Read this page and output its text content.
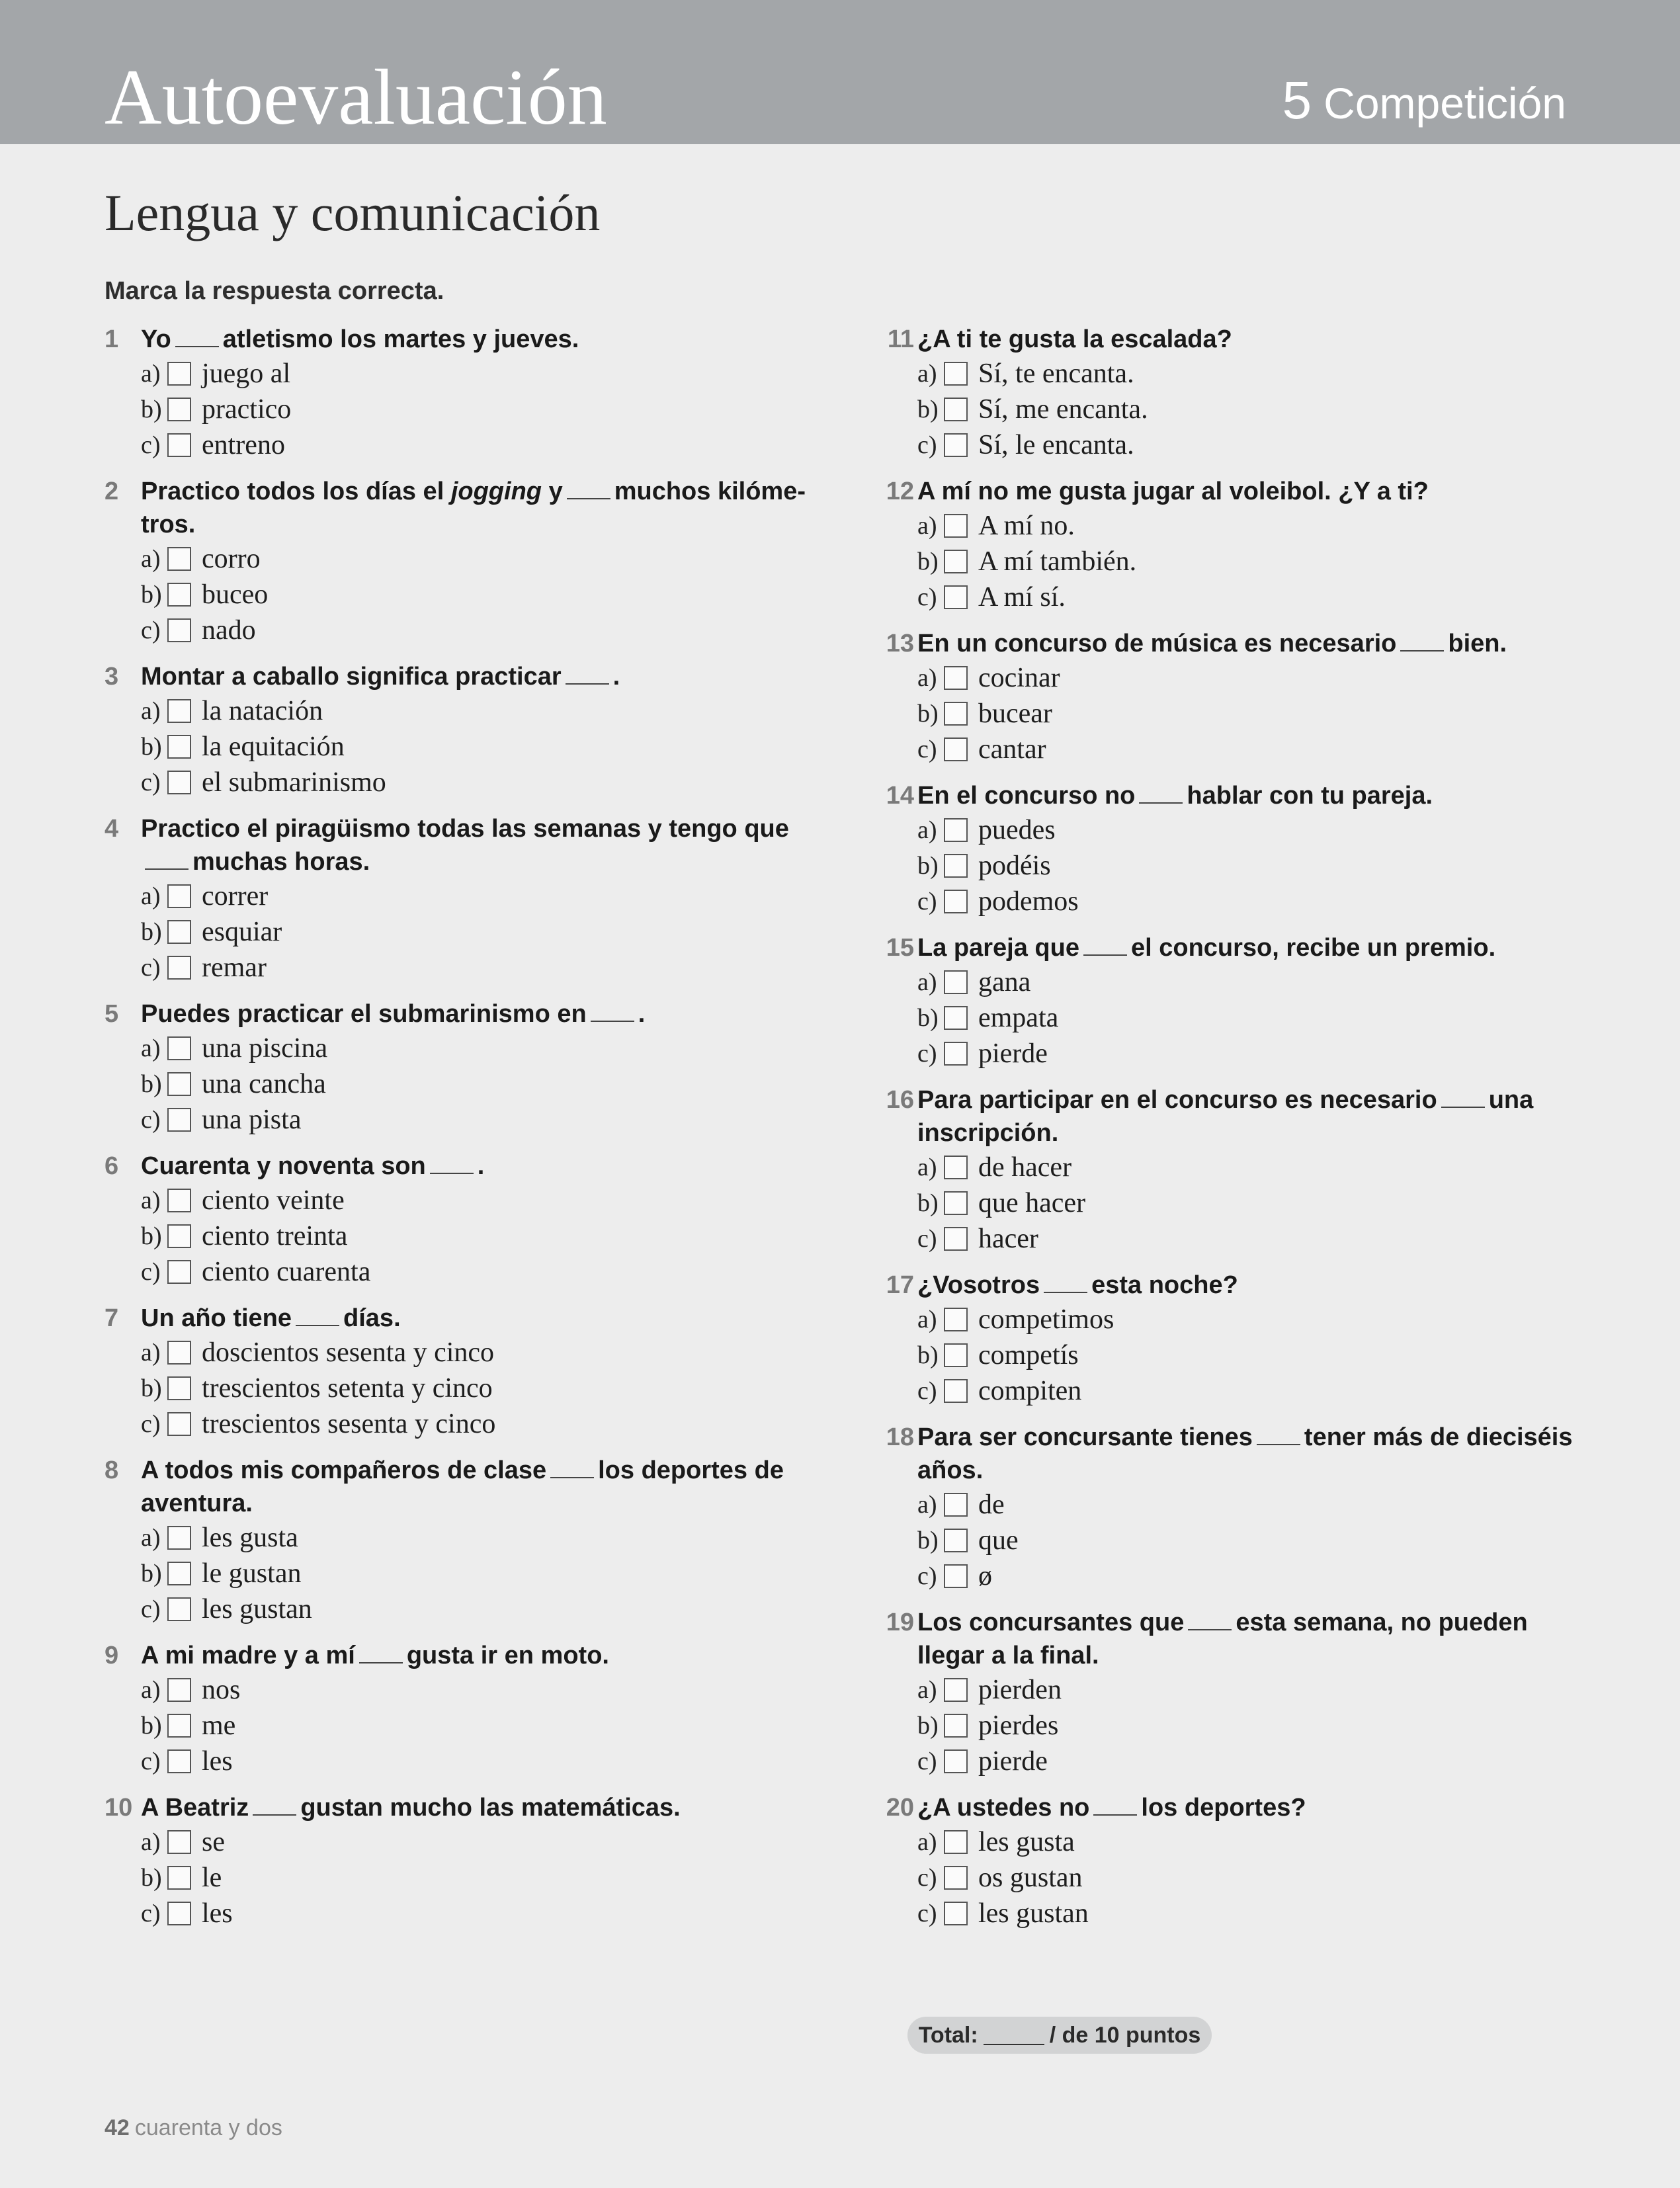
Autoevaluación	5 Competición
Lengua y comunicación
Marca la respuesta correcta.
1 Yo atletismo los martes y jueves.
a) juego al
b) practico
c) entreno
2 Practico todos los días el jogging y muchos kilóme-tros.
a) corro
b) buceo
c) nado
3 Montar a caballo significa practicar .
a) la natación
b) la equitación
c) el submarinismo
4 Practico el piragüismo todas las semanas y tengo quemuchas horas.
a) correr
b) esquiar
c) remar
5 Puedes practicar el submarinismo en .
a) una piscina
b) una cancha
c) una pista
6 Cuarenta y noventa son .
a) ciento veinte
b) ciento treinta
c) ciento cuarenta
7 Un año tiene días.
a) doscientos sesenta y cinco
b) trescientos setenta y cinco
c) trescientos sesenta y cinco
8 A todos mis compañeros de clase los deportes de aventura.
a) les gusta
b) le gustan
c) les gustan
9 A mi madre y a mí gusta ir en moto.
a) nos
b) me
c) les
10 A Beatriz gustan mucho las matemáticas.
a) se
b) le
c) les
11 ¿A ti te gusta la escalada?
a) Sí, te encanta.
b) Sí, me encanta.
c) Sí, le encanta.
12 A mí no me gusta jugar al voleibol. ¿Y a ti?
a) A mí no.
b) A mí también.
c) A mí sí.
13 En un concurso de música es necesario bien.
a) cocinar
b) bucear
c) cantar
14 En el concurso no hablar con tu pareja.
a) puedes
b) podéis
c) podemos
15 La pareja que el concurso, recibe un premio.
a) gana
b) empata
c) pierde
16 Para participar en el concurso es necesario una inscripción.
a) de hacer
b) que hacer
c) hacer
17 ¿Vosotros esta noche?
a) competimos
b) competís
c) compiten
18 Para ser concursante tienes tener más de dieciséis años.
a) de
b) que
c) ø
19 Los concursantes que esta semana, no pueden llegar a la final.
a) pierden
b) pierdes
c) pierde
20 ¿A ustedes no los deportes?
a) les gusta
c) os gustan
c) les gustan
Total:	/ de 10 puntos
42 cuarenta y dos
